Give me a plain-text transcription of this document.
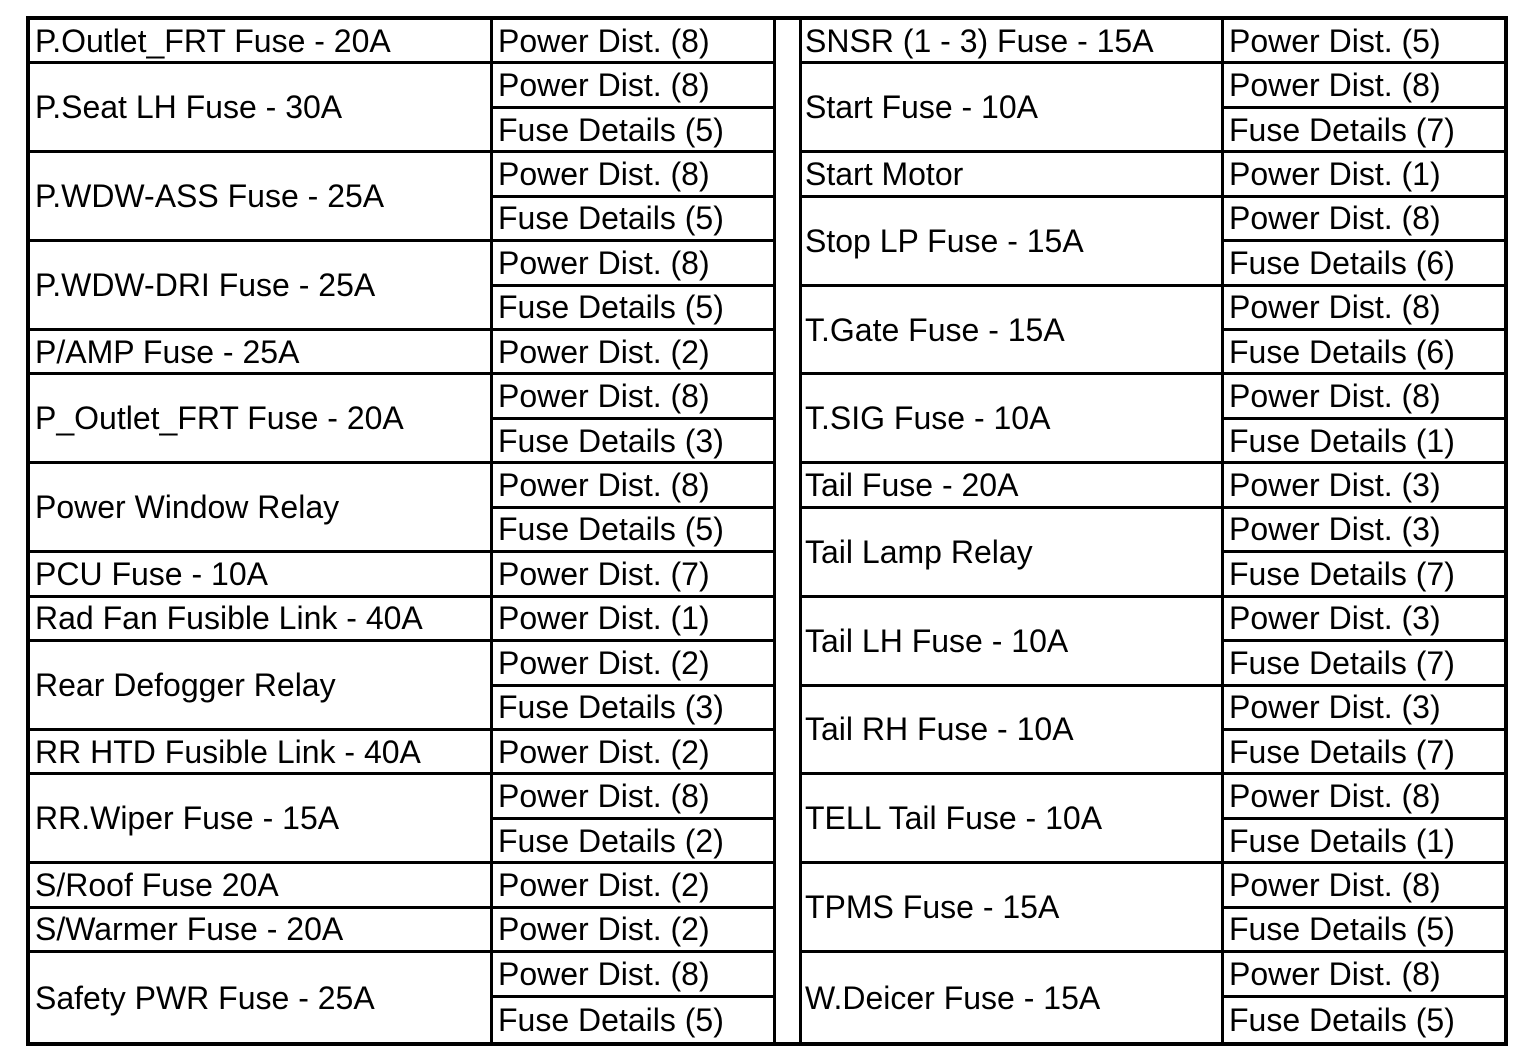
P.Outlet_FRT Fuse - 20A	Power Dist. (8)
P.Seat LH Fuse - 30A
Power Dist. (8)
Fuse Details (5)
P.WDW-ASS Fuse - 25A
Power Dist. (8)
Fuse Details (5)
P.WDW-DRI Fuse - 25A
Power Dist. (8)
Fuse Details (5)
P/AMP Fuse - 25A	Power Dist. (2)
P_Outlet_FRT Fuse - 20A
Power Dist. (8)
Fuse Details (3)
Power Window Relay
Power Dist. (8)
Fuse Details (5)
PCU Fuse - 10A	Power Dist. (7)
Rad Fan Fusible Link - 40A	Power Dist. (1)
Rear Defogger Relay
Power Dist. (2)
Fuse Details (3)
RR HTD Fusible Link - 40A	Power Dist. (2)
RR.Wiper Fuse - 15A
Power Dist. (8)
Fuse Details (2)
S/Roof Fuse 20A	Power Dist. (2)
S/Warmer Fuse - 20A	Power Dist. (2)
Safety PWR Fuse - 25A
Power Dist. (8)
Fuse Details (5)
SNSR (1 - 3) Fuse - 15A	Power Dist. (5)
Start Fuse - 10A
Power Dist. (8)
Fuse Details (7)
Start Motor	Power Dist. (1)
Stop LP Fuse - 15A
Power Dist. (8)
Fuse Details (6)
T.Gate Fuse - 15A
Power Dist. (8)
Fuse Details (6)
T.SIG Fuse - 10A
Power Dist. (8)
Fuse Details (1)
Tail Fuse - 20A	Power Dist. (3)
Tail Lamp Relay
Power Dist. (3)
Fuse Details (7)
Tail LH Fuse - 10A
Power Dist. (3)
Fuse Details (7)
Tail RH Fuse - 10A
Power Dist. (3)
Fuse Details (7)
TELL Tail Fuse - 10A
Power Dist. (8)
Fuse Details (1)
TPMS Fuse - 15A
Power Dist. (8)
Fuse Details (5)
W.Deicer Fuse - 15A
Power Dist. (8)
Fuse Details (5)
